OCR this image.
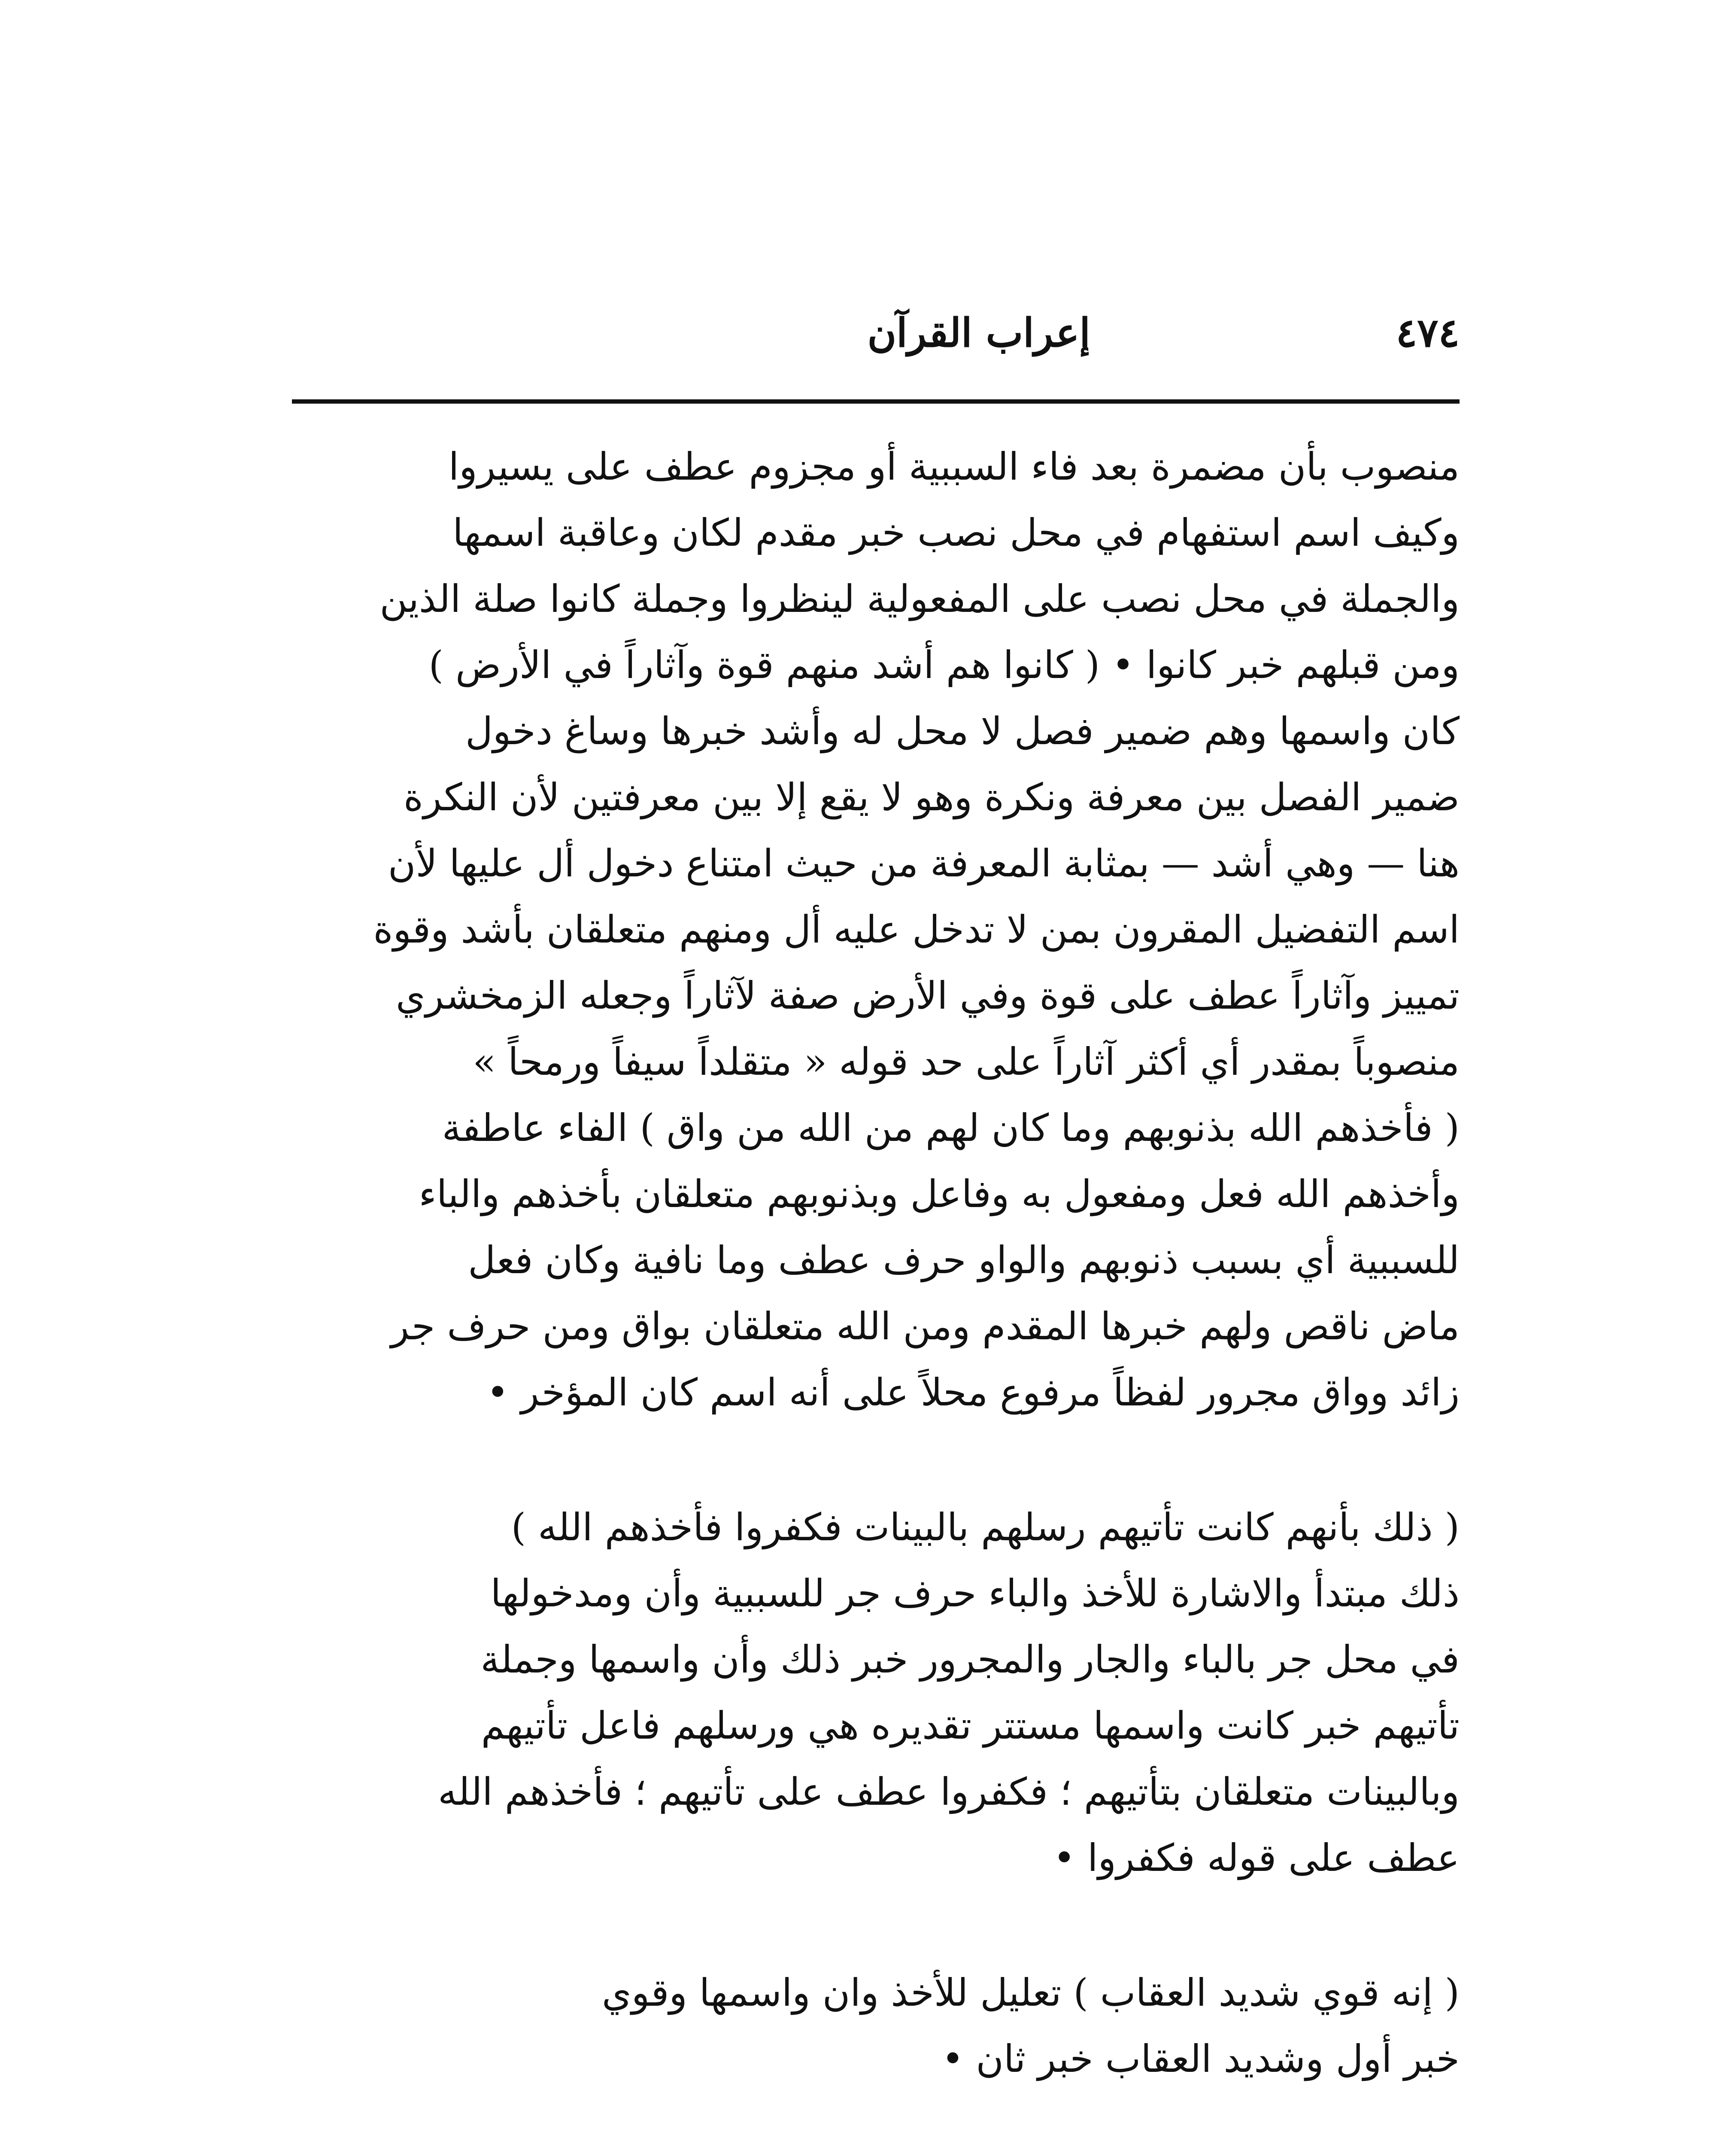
٤٧٤
إعراب القرآن
منصوب بأن مضمرة بعد فاء السببية أو مجزوم عطف على يسيروا
وكيف اسم استفهام في محل نصب خبر مقدم لكان وعاقبة اسمها
والجملة في محل نصب على المفعولية لينظروا وجملة كانوا صلة الذين
ومن قبلهم خبر كانوا • ( كانوا هم أشد منهم قوة وآثاراً في الأرض )
كان واسمها وهم ضمير فصل لا محل له وأشد خبرها وساغ دخول
ضمير الفصل بين معرفة ونكرة وهو لا يقع إلا بين معرفتين لأن النكرة
هنا — وهي أشد — بمثابة المعرفة من حيث امتناع دخول أل عليها لأن
اسم التفضيل المقرون بمن لا تدخل عليه أل ومنهم متعلقان بأشد وقوة
تمييز وآثاراً عطف على قوة وفي الأرض صفة لآثاراً وجعله الزمخشري
منصوباً بمقدر أي أكثر آثاراً على حد قوله « متقلداً سيفاً ورمحاً »
( فأخذهم الله بذنوبهم وما كان لهم من الله من واق ) الفاء عاطفة
وأخذهم الله فعل ومفعول به وفاعل وبذنوبهم متعلقان بأخذهم والباء
للسببية أي بسبب ذنوبهم والواو حرف عطف وما نافية وكان فعل
ماض ناقص ولهم خبرها المقدم ومن الله متعلقان بواق ومن حرف جر
زائد وواق مجرور لفظاً مرفوع محلاً على أنه اسم كان المؤخر •
( ذلك بأنهم كانت تأتيهم رسلهم بالبينات فكفروا فأخذهم الله )
ذلك مبتدأ والاشارة للأخذ والباء حرف جر للسببية وأن ومدخولها
في محل جر بالباء والجار والمجرور خبر ذلك وأن واسمها وجملة
تأتيهم خبر كانت واسمها مستتر تقديره هي ورسلهم فاعل تأتيهم
وبالبينات متعلقان بتأتيهم ؛ فكفروا عطف على تأتيهم ؛ فأخذهم الله
عطف على قوله فكفروا •
( إنه قوي شديد العقاب ) تعليل للأخذ وان واسمها وقوي
خبر أول وشديد العقاب خبر ثان •
